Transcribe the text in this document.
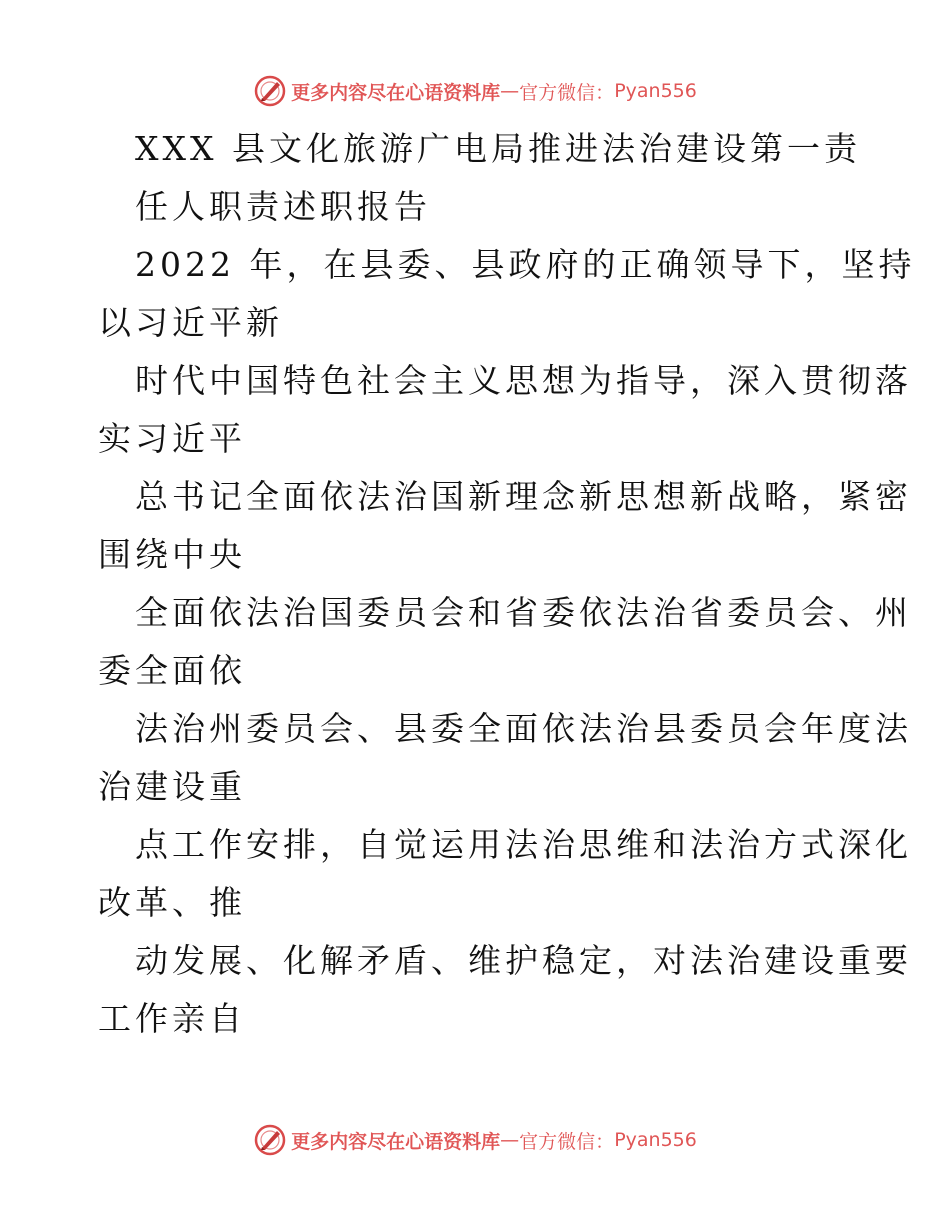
更多内容尽在心语资料库 — 官方微信： Pyan556
XXX 县文化旅游广电局推进法治建设第一责
任人职责述职报告
2022 年，在县委、县政府的正确领导下，坚持
以习近平新
时代中国特色社会主义思想为指导，深入贯彻落
实习近平
总书记全面依法治国新理念新思想新战略，紧密
围绕中央
全面依法治国委员会和省委依法治省委员会、州
委全面依
法治州委员会、县委全面依法治县委员会年度法
治建设重
点工作安排，自觉运用法治思维和法治方式深化
改革、推
动发展、化解矛盾、维护稳定，对法治建设重要
工作亲自
更多内容尽在心语资料库 — 官方微信： Pyan556
